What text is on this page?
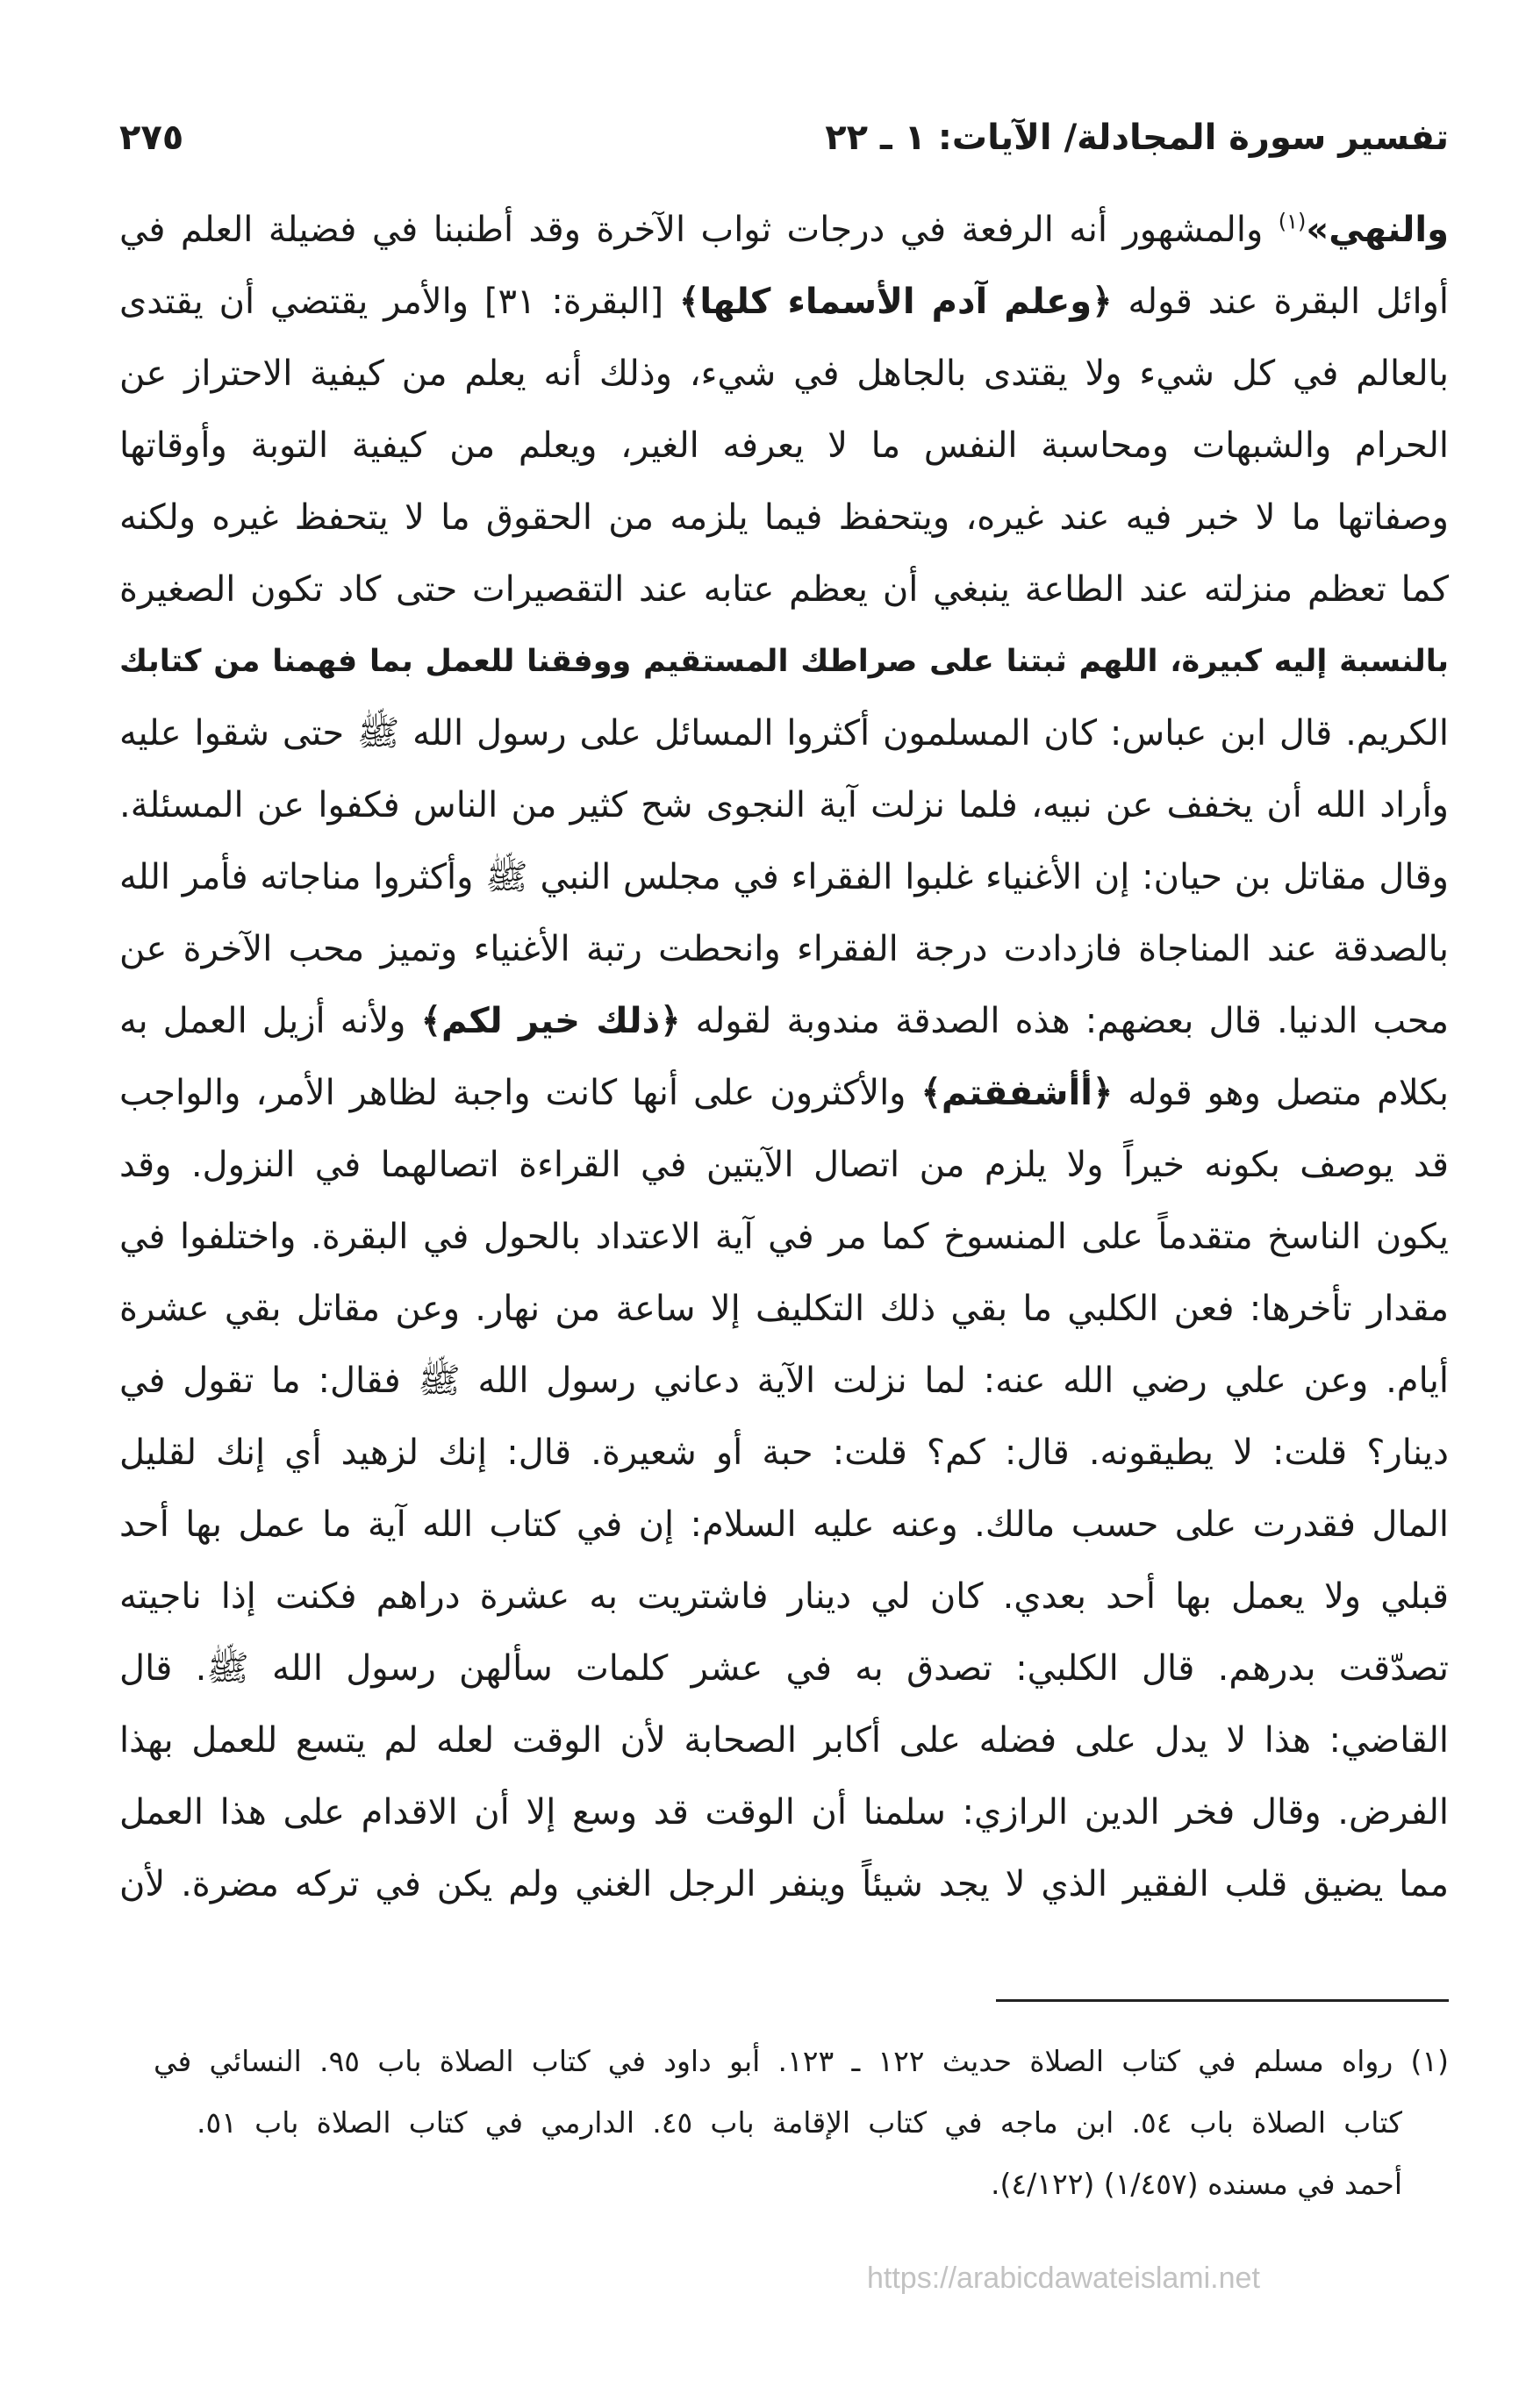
تفسير سورة المجادلة/ الآيات: ١ ـ ٢٢
٢٧٥
والنهي»$^{(١)}$ والمشهور أنه الرفعة في درجات ثواب الآخرة وقد أطنبنا في فضيلة العلم في
أوائل البقرة عند قوله ﴿وعلم آدم الأسماء كلها﴾ [البقرة: ٣١] والأمر يقتضي أن يقتدى
بالعالم في كل شيء ولا يقتدى بالجاهل في شيء، وذلك أنه يعلم من كيفية الاحتراز عن
الحرام والشبهات ومحاسبة النفس ما لا يعرفه الغير، ويعلم من كيفية التوبة وأوقاتها
وصفاتها ما لا خبر فيه عند غيره، ويتحفظ فيما يلزمه من الحقوق ما لا يتحفظ غيره ولكنه
كما تعظم منزلته عند الطاعة ينبغي أن يعظم عتابه عند التقصيرات حتى كاد تكون الصغيرة
بالنسبة إليه كبيرة، اللهم ثبتنا على صراطك المستقيم ووفقنا للعمل بما فهمنا من كتابك
الكريم. قال ابن عباس: كان المسلمون أكثروا المسائل على رسول الله ﷺ حتى شقوا عليه
وأراد الله أن يخفف عن نبيه، فلما نزلت آية النجوى شح كثير من الناس فكفوا عن المسئلة.
وقال مقاتل بن حيان: إن الأغنياء غلبوا الفقراء في مجلس النبي ﷺ وأكثروا مناجاته فأمر الله
بالصدقة عند المناجاة فازدادت درجة الفقراء وانحطت رتبة الأغنياء وتميز محب الآخرة عن
محب الدنيا. قال بعضهم: هذه الصدقة مندوبة لقوله ﴿ذلك خير لكم﴾ ولأنه أزيل العمل به
بكلام متصل وهو قوله ﴿أأشفقتم﴾ والأكثرون على أنها كانت واجبة لظاهر الأمر، والواجب
قد يوصف بكونه خيراً ولا يلزم من اتصال الآيتين في القراءة اتصالهما في النزول. وقد
يكون الناسخ متقدماً على المنسوخ كما مر في آية الاعتداد بالحول في البقرة. واختلفوا في
مقدار تأخرها: فعن الكلبي ما بقي ذلك التكليف إلا ساعة من نهار. وعن مقاتل بقي عشرة
أيام. وعن علي رضي الله عنه: لما نزلت الآية دعاني رسول الله ﷺ فقال: ما تقول في
دينار؟ قلت: لا يطيقونه. قال: كم؟ قلت: حبة أو شعيرة. قال: إنك لزهيد أي إنك لقليل
المال فقدرت على حسب مالك. وعنه عليه السلام: إن في كتاب الله آية ما عمل بها أحد
قبلي ولا يعمل بها أحد بعدي. كان لي دينار فاشتريت به عشرة دراهم فكنت إذا ناجيته
تصدّقت بدرهم. قال الكلبي: تصدق به في عشر كلمات سألهن رسول الله ﷺ. قال
القاضي: هذا لا يدل على فضله على أكابر الصحابة لأن الوقت لعله لم يتسع للعمل بهذا
الفرض. وقال فخر الدين الرازي: سلمنا أن الوقت قد وسع إلا أن الاقدام على هذا العمل
مما يضيق قلب الفقير الذي لا يجد شيئاً وينفر الرجل الغني ولم يكن في تركه مضرة. لأن
(١) رواه مسلم في كتاب الصلاة حديث ١٢٢ ـ ١٢٣. أبو داود في كتاب الصلاة باب ٩٥. النسائي في
كتاب الصلاة باب ٥٤. ابن ماجه في كتاب الإقامة باب ٤٥. الدارمي في كتاب الصلاة باب ٥١.
أحمد في مسنده (١/٤٥٧) (٤/١٢٢).
https://arabicdawateislami.net
